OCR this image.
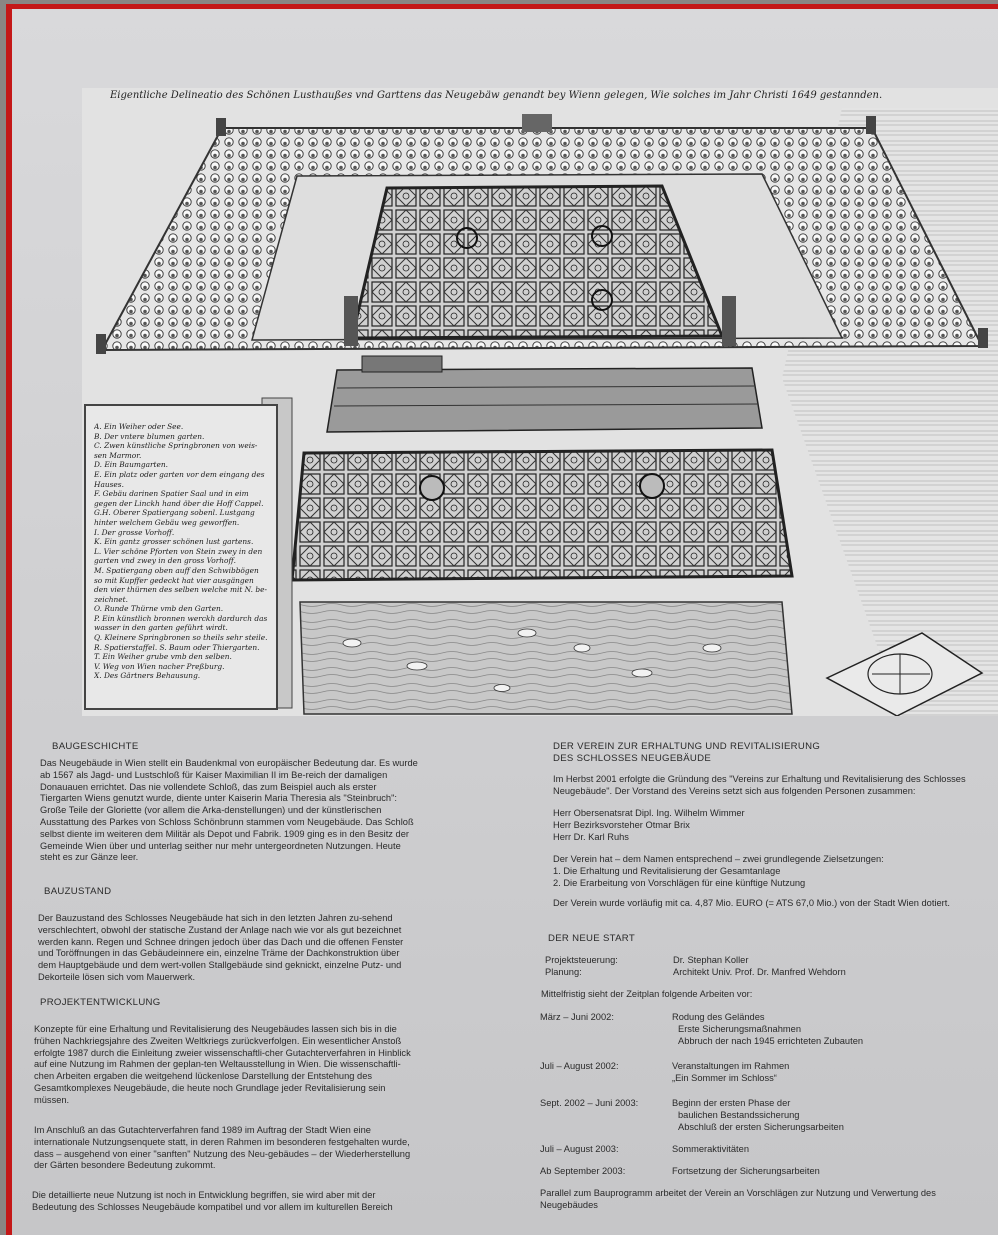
Eigentliche Delineatio des Schönen Lusthaußes vnd Garttens das Neugebäw genandt bey Wienn gelegen, Wie solches im Jahr Christi 1649 gestannden.
A. Ein Weiher oder See.
B. Der vntere blumen garten.
C. Zwen künstliche Springbronen von weis-
sen Marmor.
D. Ein Baumgarten.
E. Ein platz oder garten vor dem eingang des
Hauses.
F. Gebäu darinen Spatier Saal und in eim
gegen der Linckh hand öber die Hoff Cappel.
G.H. Oberer Spatiergang sobenl. Lustgang
hinter welchem Gebäu weg geworffen.
I. Der grosse Vorhoff.
K. Ein gantz grosser schönen lust gartens.
L. Vier schöne Pforten von Stein zwey in den
garten vnd zwey in den gross Vorhoff.
M. Spatiergang oben auff den Schwibbögen
so mit Kupffer gedeckt hat vier ausgängen
den vier thürnen des selben welche mit N. be-
zeichnet.
O. Runde Thürne vmb den Garten.
P. Ein künstlich bronnen werckh dardurch das
wasser in den garten geführt wirdt.
Q. Kleinere Springbronen so theils sehr steile.
R. Spatierstaffel. S. Baum oder Thiergarten.
T. Ein Weiher grube vmb den selben.
V. Weg von Wien nacher Preßburg.
X. Des Gärtners Behausung.
BAUGESCHICHTE
Das Neugebäude in Wien stellt ein Baudenkmal von europäischer Bedeutung dar. Es wurde
ab 1567 als Jagd- und Lustschloß für Kaiser Maximilian II im Be-reich der damaligen
Donauauen errichtet. Das nie vollendete Schloß, das zum Beispiel auch als erster
Tiergarten Wiens genutzt wurde, diente unter Kaiserin Maria Theresia als "Steinbruch":
Große Teile der Gloriette (vor allem die Arka-denstellungen) und der künstlerischen
Ausstattung des Parkes von Schloss Schönbrunn stammen vom Neugebäude. Das Schloß
selbst diente im weiteren dem Militär als Depot und Fabrik. 1909 ging es in den Besitz der
Gemeinde Wien über und unterlag seither nur mehr untergeordneten Nutzungen. Heute
steht es zur Gänze leer.
BAUZUSTAND
Der Bauzustand des Schlosses Neugebäude hat sich in den letzten Jahren zu-sehend
verschlechtert, obwohl der statische Zustand der Anlage nach wie vor als gut bezeichnet
werden kann. Regen und Schnee dringen jedoch über das Dach und die offenen Fenster
und Toröffnungen in das Gebäudeinnere ein, einzelne Träme der Dachkonstruktion über
dem Hauptgebäude und dem wert-vollen Stallgebäude sind geknickt, einzelne Putz- und
Dekorteile lösen sich vom Mauerwerk.
PROJEKTENTWICKLUNG
Konzepte für eine Erhaltung und Revitalisierung des Neugebäudes lassen sich bis in die
frühen Nachkriegsjahre des Zweiten Weltkriegs zurückverfolgen. Ein wesentlicher Anstoß
erfolgte 1987 durch die Einleitung zweier wissenschaftli-cher Gutachterverfahren in Hinblick
auf eine Nutzung im Rahmen der geplan-ten Weltausstellung in Wien. Die wissenschaftli-
chen Arbeiten ergaben die weitgehend lückenlose Darstellung der Entstehung des
Gesamtkomplexes Neugebäude, die heute noch Grundlage jeder Revitalisierung sein
müssen.
Im Anschluß an das Gutachterverfahren fand 1989 im Auftrag der Stadt Wien eine
internationale Nutzungsenquete statt, in deren Rahmen im besonderen festgehalten wurde,
dass – ausgehend von einer "sanften" Nutzung des Neu-gebäudes – der Wiederherstellung
der Gärten besondere Bedeutung zukommt.
Die detaillierte neue Nutzung ist noch in Entwicklung begriffen, sie wird aber mit der
Bedeutung des Schlosses Neugebäude kompatibel und vor allem im kulturellen Bereich
DER VEREIN ZUR ERHALTUNG UND REVITALISIERUNG
DES SCHLOSSES NEUGEBÄUDE
Im Herbst 2001 erfolgte die Gründung des "Vereins zur Erhaltung und Revitalisierung des Schlosses
Neugebäude". Der Vorstand des Vereins setzt sich aus folgenden Personen zusammen:
Herr Obersenatsrat Dipl. Ing. Wilhelm Wimmer
Herr Bezirksvorsteher Otmar Brix
Herr Dr. Karl Ruhs
Der Verein hat – dem Namen entsprechend – zwei grundlegende Zielsetzungen:
1. Die Erhaltung und Revitalisierung der Gesamtanlage
2. Die Erarbeitung von Vorschlägen für eine künftige Nutzung
Der Verein wurde vorläufig mit ca. 4,87 Mio. EURO (= ATS 67,0 Mio.) von der Stadt Wien dotiert.
DER NEUE START
Projektsteuerung:	Dr. Stephan Koller
Planung:	Architekt Univ. Prof. Dr. Manfred Wehdorn
Mittelfristig sieht der Zeitplan folgende Arbeiten vor:
März – Juni 2002:	Rodung des Geländes
Erste Sicherungsmaßnahmen
Abbruch der nach 1945 errichteten Zubauten
Juli – August 2002:	Veranstaltungen im Rahmen
„Ein Sommer im Schloss“
Sept. 2002 – Juni 2003:	Beginn der ersten Phase der
baulichen Bestandssicherung
Abschluß der ersten Sicherungsarbeiten
Juli – August 2003:	Sommeraktivitäten
Ab September 2003:	Fortsetzung der Sicherungsarbeiten
Parallel zum Bauprogramm arbeitet der Verein an Vorschlägen zur Nutzung und Verwertung des
Neugebäudes
